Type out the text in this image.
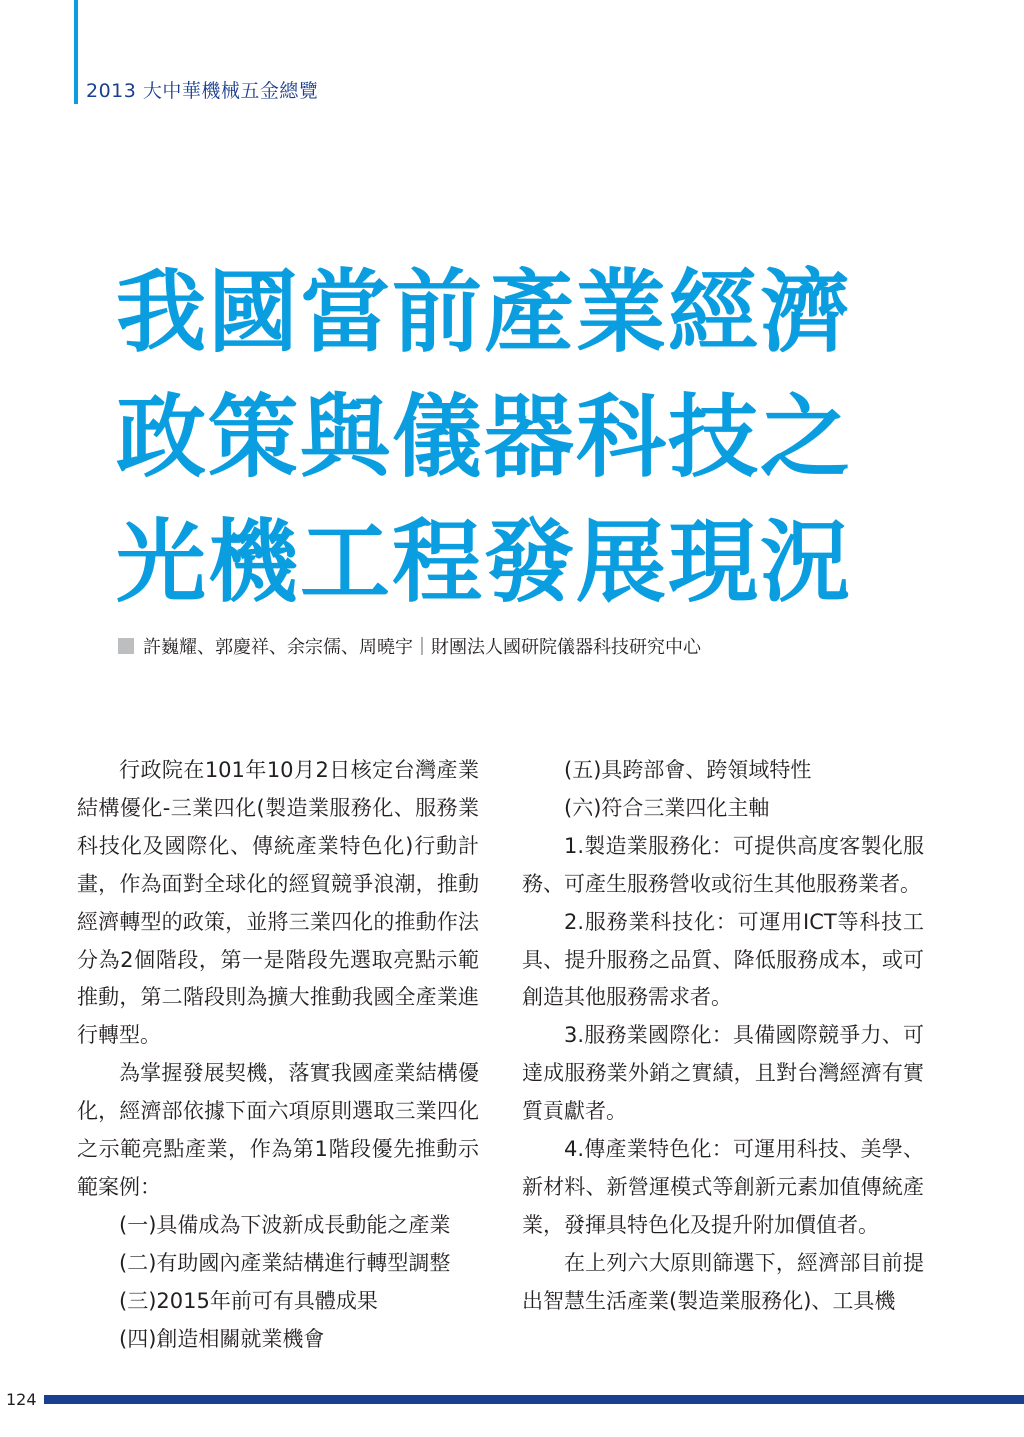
2013 大中華機械五金總覽
我國當前產業經濟
政策與儀器科技之
光機工程發展現況
許巍耀、郭慶祥、余宗儒、周曉宇｜財團法人國研院儀器科技研究中心

行政院在101年10月2日核定台灣產業結構優化-三業四化(製造業服務化、服務業科技化及國際化、傳統產業特色化)行動計畫，作為面對全球化的經貿競爭浪潮，推動經濟轉型的政策，並將三業四化的推動作法分為2個階段，第一是階段先選取亮點示範推動，第二階段則為擴大推動我國全產業進行轉型。

為掌握發展契機，落實我國產業結構優化，經濟部依據下面六項原則選取三業四化之示範亮點產業，作為第1階段優先推動示範案例：

(一)具備成為下波新成長動能之產業

(二)有助國內產業結構進行轉型調整

(三)2015年前可有具體成果

(四)創造相關就業機會

(五)具跨部會、跨領域特性

(六)符合三業四化主軸

1.製造業服務化：可提供高度客製化服務、可產生服務營收或衍生其他服務業者。

2.服務業科技化：可運用ICT等科技工具、提升服務之品質、降低服務成本，或可創造其他服務需求者。

3.服務業國際化：具備國際競爭力、可達成服務業外銷之實績，且對台灣經濟有實質貢獻者。

4.傳產業特色化：可運用科技、美學、新材料、新營運模式等創新元素加值傳統產業，發揮具特色化及提升附加價值者。

在上列六大原則篩選下，經濟部目前提出智慧生活產業(製造業服務化)、工具機

124
